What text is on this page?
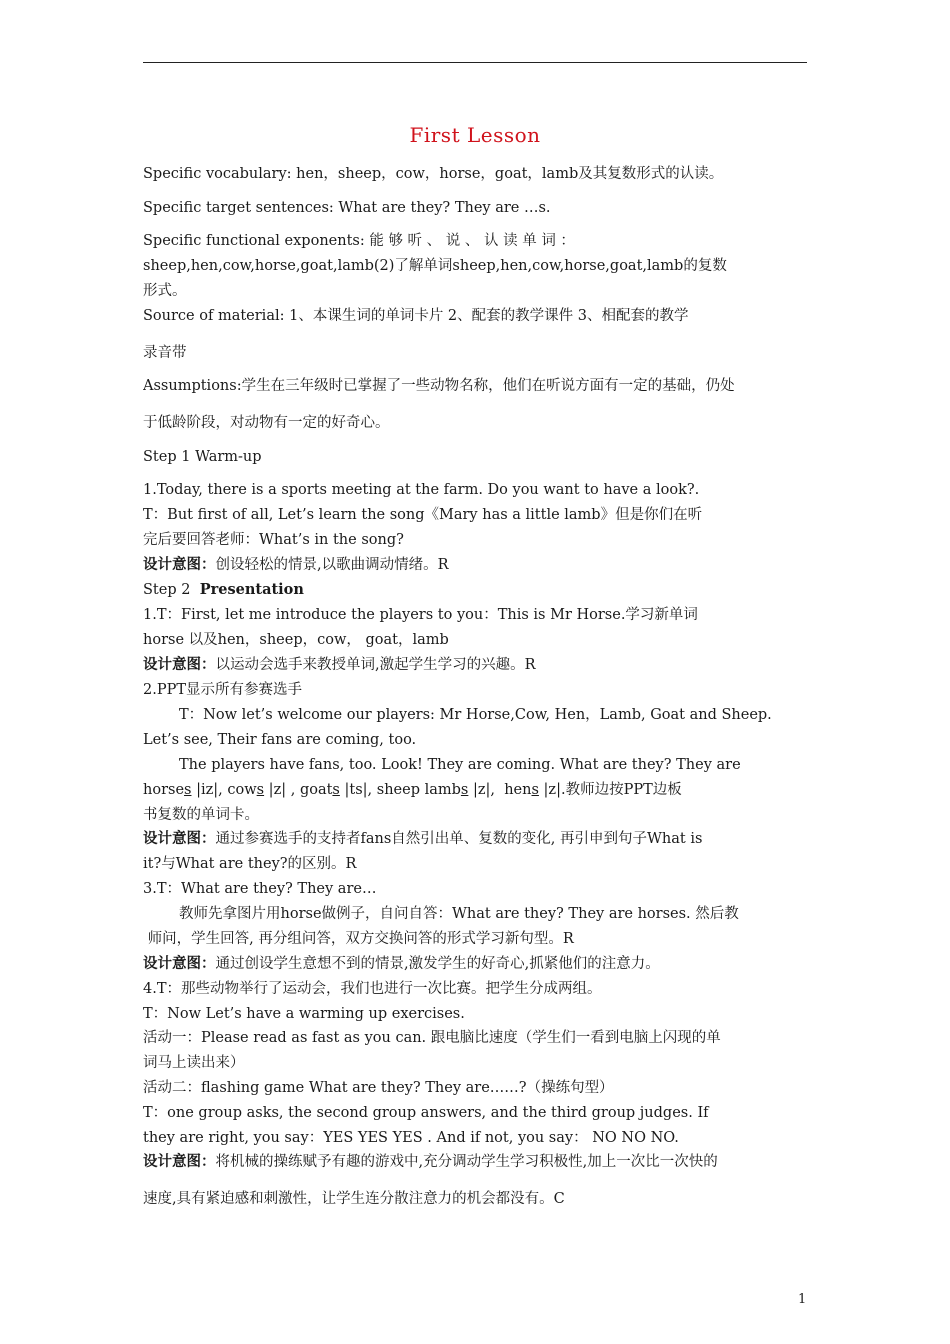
First Lesson
Specific vocabulary: hen，sheep，cow，horse，goat，lamb及其复数形式的认读。
Specific target sentences: What are they? They are …s.
Specific functional exponents: 能 够 听 、 说 、 认 读 单 词 ：
sheep,hen,cow,horse,goat,lamb(2)了解单词sheep,hen,cow,horse,goat,lamb的复数
形式。
Source of material: 1、本课生词的单词卡片 2、配套的教学课件 3、相配套的教学
录音带
Assumptions:学生在三年级时已掌握了一些动物名称，他们在听说方面有一定的基础，仍处
于低龄阶段，对动物有一定的好奇心。
Step 1 Warm-up
1.Today, there is a sports meeting at the farm. Do you want to have a look?.
T：But first of all, Let’s learn the song《Mary has a little lamb》但是你们在听
完后要回答老师：What’s in the song?
设计意图：创设轻松的情景,以歌曲调动情绪。R
Step 2  Presentation
1.T：First, let me introduce the players to you：This is Mr Horse.学习新单词
horse 以及hen，sheep，cow， goat，lamb
设计意图：以运动会选手来教授单词,激起学生学习的兴趣。R
2.PPT显示所有参赛选手
T：Now let’s welcome our players: Mr Horse,Cow, Hen，Lamb, Goat and Sheep.
Let’s see, Their fans are coming, too.
The players have fans, too. Look! They are coming. What are they? They are
horses |iz|, cows |z| , goats |ts|, sheep lambs |z|,  hens |z|.教师边按PPT边板
书复数的单词卡。
设计意图：通过参赛选手的支持者fans自然引出单、复数的变化, 再引申到句子What is
it?与What are they?的区别。R
3.T：What are they? They are…
教师先拿图片用horse做例子，自问自答：What are they? They are horses. 然后教
师问，学生回答, 再分组问答，双方交换问答的形式学习新句型。R
设计意图：通过创设学生意想不到的情景,激发学生的好奇心,抓紧他们的注意力。
4.T：那些动物举行了运动会，我们也进行一次比赛。把学生分成两组。
T：Now Let’s have a warming up exercises.
活动一：Please read as fast as you can. 跟电脑比速度（学生们一看到电脑上闪现的单
词马上读出来）
活动二：flashing game What are they? They are……?（操练句型）
T：one group asks, the second group answers, and the third group judges. If
they are right, you say：YES YES YES . And if not, you say： NO NO NO.
设计意图：将机械的操练赋予有趣的游戏中,充分调动学生学习积极性,加上一次比一次快的
速度,具有紧迫感和刺激性，让学生连分散注意力的机会都没有。C
1
